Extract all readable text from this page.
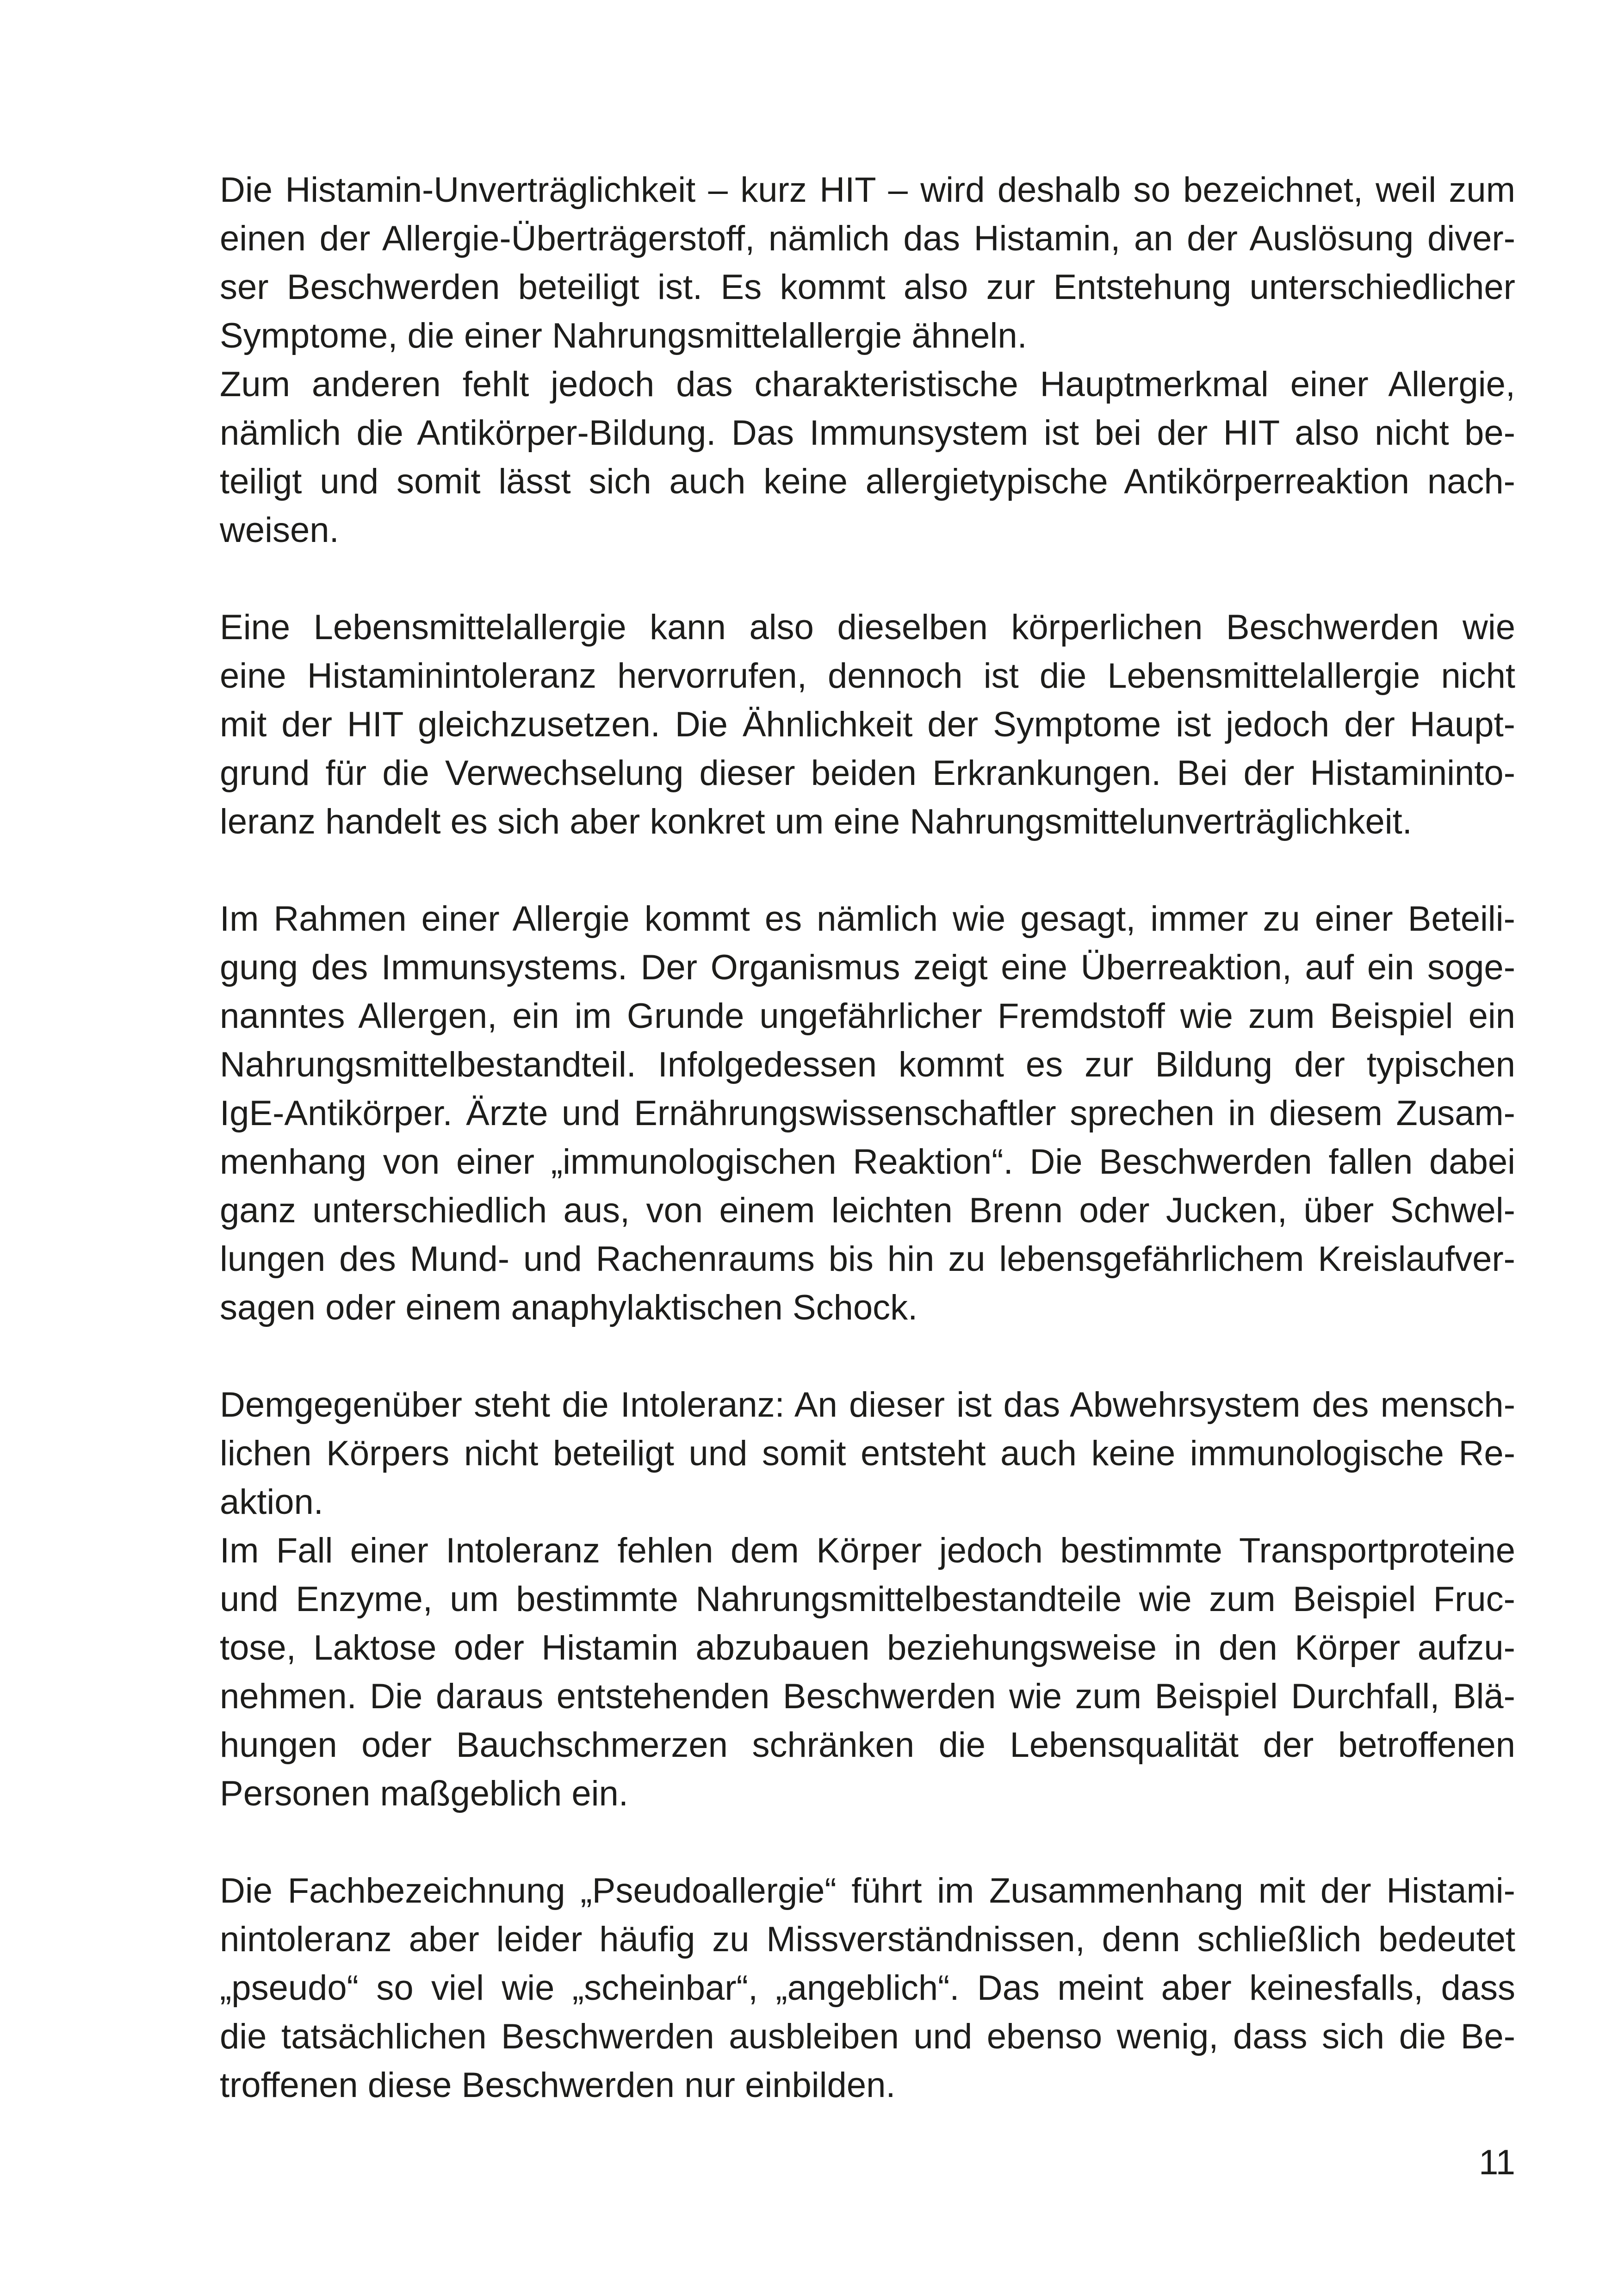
Die Histamin-Unverträglichkeit – kurz HIT – wird deshalb so bezeichnet, weil zum
einen der Allergie-Überträgerstoff, nämlich das Histamin, an der Auslösung diver-
ser Beschwerden beteiligt ist. Es kommt also zur Entstehung unterschiedlicher
Symptome, die einer Nahrungsmittelallergie ähneln.
Zum anderen fehlt jedoch das charakteristische Hauptmerkmal einer Allergie,
nämlich die Antikörper-Bildung. Das Immunsystem ist bei der HIT also nicht be-
teiligt und somit lässt sich auch keine allergietypische Antikörperreaktion nach-
weisen.
Eine Lebensmittelallergie kann also dieselben körperlichen Beschwerden wie
eine Histaminintoleranz hervorrufen, dennoch ist die Lebensmittelallergie nicht
mit der HIT gleichzusetzen. Die Ähnlichkeit der Symptome ist jedoch der Haupt-
grund für die Verwechselung dieser beiden Erkrankungen. Bei der Histaminintо-
leranz handelt es sich aber konkret um eine Nahrungsmittelunverträglichkeit.
Im Rahmen einer Allergie kommt es nämlich wie gesagt, immer zu einer Beteili-
gung des Immunsystems. Der Organismus zeigt eine Überreaktion, auf ein soge-
nanntes Allergen, ein im Grunde ungefährlicher Fremdstoff wie zum Beispiel ein
Nahrungsmittelbestandteil. Infolgedessen kommt es zur Bildung der typischen
IgE-Antikörper. Ärzte und Ernährungswissenschaftler sprechen in diesem Zusam-
menhang von einer „immunologischen Reaktion“. Die Beschwerden fallen dabei
ganz unterschiedlich aus, von einem leichten Brenn oder Jucken, über Schwel-
lungen des Mund- und Rachenraums bis hin zu lebensgefährlichem Kreislaufver-
sagen oder einem anaphylaktischen Schock.
Demgegenüber steht die Intoleranz: An dieser ist das Abwehrsystem des mensch-
lichen Körpers nicht beteiligt und somit entsteht auch keine immunologische Re-
aktion.
Im Fall einer Intoleranz fehlen dem Körper jedoch bestimmte Transportproteine
und Enzyme, um bestimmte Nahrungsmittelbestandteile wie zum Beispiel Fruc-
tose, Laktose oder Histamin abzubauen beziehungsweise in den Körper aufzu-
nehmen. Die daraus entstehenden Beschwerden wie zum Beispiel Durchfall, Blä-
hungen oder Bauchschmerzen schränken die Lebensqualität der betroffenen
Personen maßgeblich ein.
Die Fachbezeichnung „Pseudoallergie“ führt im Zusammenhang mit der Histami-
nintoleranz aber leider häufig zu Missverständnissen, denn schließlich bedeutet
„pseudo“ so viel wie „scheinbar“, „angeblich“. Das meint aber keinesfalls, dass
die tatsächlichen Beschwerden ausbleiben und ebenso wenig, dass sich die Be-
troffenen diese Beschwerden nur einbilden.
11
